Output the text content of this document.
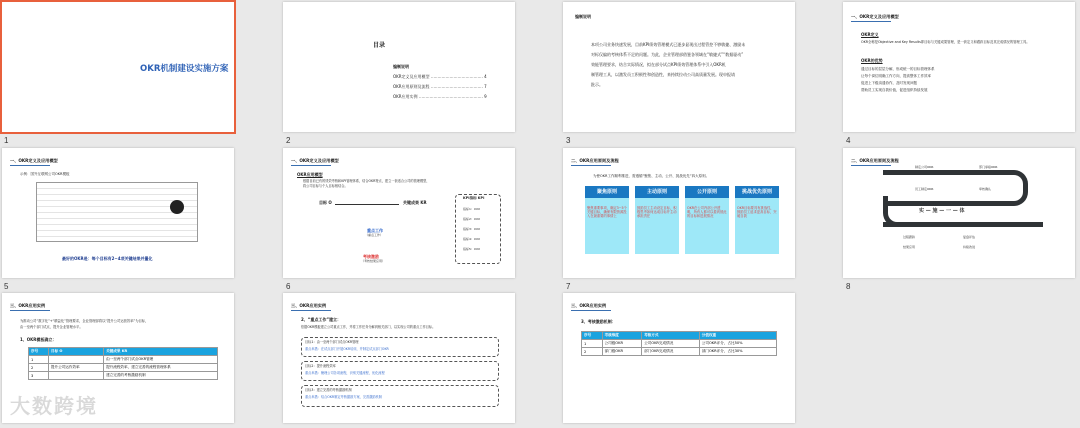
OKR机制建设实施方案
1
目录
编制说明
OKR定义及应用模型 ………………………………… 4
OKR应用原则及流程 ………………………………… 7
OKR应用实例 ………………………………………… 9
2
编制说明
本项公司业务快速发展，目前KPI绩效管理模式已逐步显现出过程管控不够敏捷、激励未
对标仅偏的考核体系不足的问题。为此，企业管理部借鉴各领域在“敏捷式”“数据驱动”
效能管理要求，结合实际情况，拟在部分试点KPI绩效管理体系中引入OKR机
制管理工具，以激发员工积极性和创造性，来持续拉动公司高质量发展。现申报请
批示。
3
一、OKR定义及应用模型
OKR定义
OKR全称是Objective and Key Results即目标与关键成果管理，是一套定义和跟踪目标及其完成情况的管理工具。
OKR的优势
通过目标的层层分解，形成统一的目标管理体系
让每个岗位明确工作方向，提高整体工作效率
促进上下级沟通协作，及时发现问题
帮助员工实现自我价值，促进组织持续发展
4
一、OKR定义及应用模型
示例：国外互联网公司OKR模板
最好的OKR是：每个目标有2~4项关键结果并量化
5
一、OKR定义及应用模型
OKR应用模型
根据目前已有的绩效考核和KPI管理体系，结合OKR特点，建立一套适合公司的管理模型，
将公司目标与个人目标相结合。
目标 O	关键成果 KR
重点工作
（重点工作）
考核激励
（考核结果应用）
KPI指标 KPI
指标1：XXX
指标2：XXX
指标3：XXX
指标4：XXX
指标5：XXX
6
二、OKR应用原则及流程
为使OKR工作顺利推进，需遵循“聚焦、主动、公开、挑战优先”四大原则。
聚焦原则
聚焦重要事项，确定3~5个关键目标，确保有限资源投入在最重要的事情上
主动原则
鼓励员工主动设定目标，积极思考如何达成目标并主动承担责任
公开原则
OKR在公司内部公开透明，所有人都可以看到彼此的目标和进展情况
挑战优先原则
OKR目标要具有挑战性，鼓励员工追求更高目标，突破自我
7
二、OKR应用原则及流程
制定公司OKR	部门承接OKR
员工制定OKR	审核确认
实 — 施 — 一 — 体
过程跟踪	复盘评估
结果应用	持续改进
8
三、OKR应用实例
为推动公司“数字化”+“精益化”管理要求，企业管理部将以“提升公司运营效率”为目标，
由一至两个部门试点，提升企业管理水平。
1、OKR模板确立：
序号	目标 O	关键成果 KR
1		由一至两个部门试点OKR管理
2	提升公司运作效率	提升流程效率，建立完善的流程管理体系
3		建立完善的考核激励机制
三、OKR应用实例
2、“重点工作”建立：
依据OKR模板建立公司重点工作，并将工作任务分解到相关部门，以实现公司的重点工作目标。
目标1：由一至两个部门试点OKR管理
重点举措：在试点部门开展OKR培训，并制定试点部门OKR
目标2：提升流程效率
重点举措：梳理公司各项流程，识别关键流程，优化流程
目标3：建立完善的考核激励机制
重点举措：结合OKR制定考核激励方案，完善激励机制
三、OKR应用实例
3、考核激励机制：
序号	考核维度	考核方式	分值权重
1	公司级OKR	公司OKR完成情况	公司OKR评分，占比50%
2	部门级OKR	部门OKR完成情况	部门OKR评分，占比30%
大数跨境
